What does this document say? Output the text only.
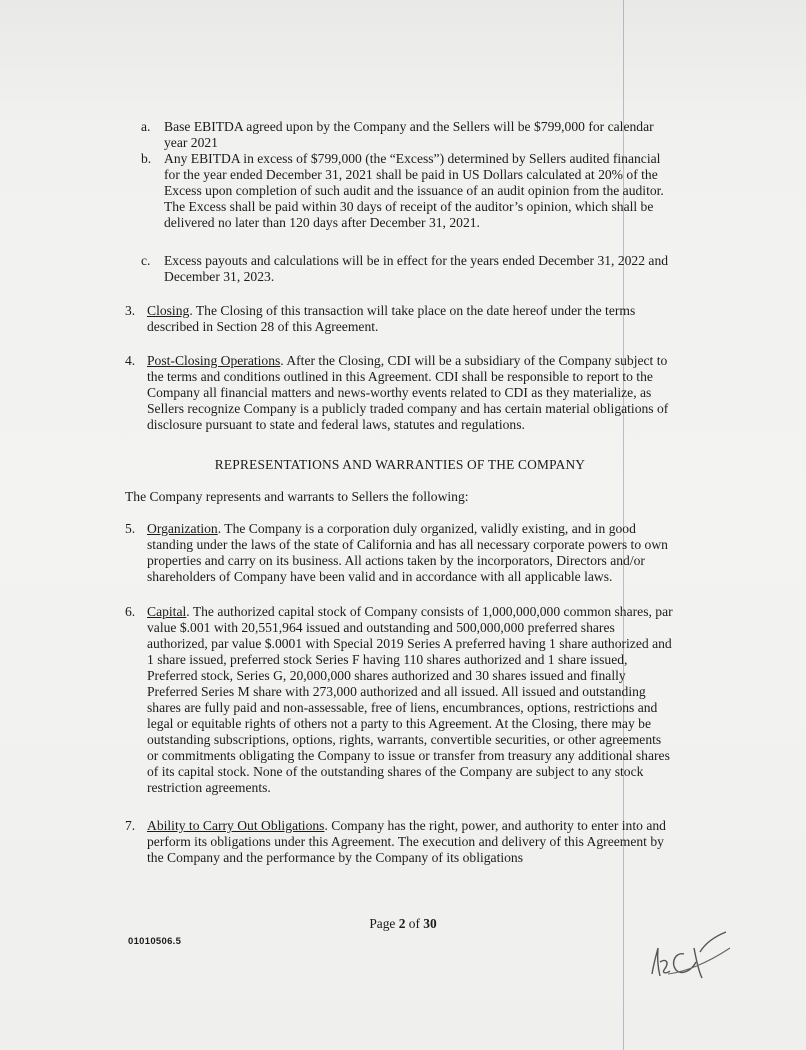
a. Base EBITDA agreed upon by the Company and the Sellers will be $799,000 for calendar year 2021
b. Any EBITDA in excess of $799,000 (the “Excess”) determined by Sellers audited financial for the year ended December 31, 2021 shall be paid in US Dollars calculated at 20% of the Excess upon completion of such audit and the issuance of an audit opinion from the auditor. The Excess shall be paid within 30 days of receipt of the auditor’s opinion, which shall be delivered no later than 120 days after December 31, 2021.
c. Excess payouts and calculations will be in effect for the years ended December 31, 2022 and December 31, 2023.
3. Closing. The Closing of this transaction will take place on the date hereof under the terms described in Section 28 of this Agreement.
4. Post-Closing Operations. After the Closing, CDI will be a subsidiary of the Company subject to the terms and conditions outlined in this Agreement. CDI shall be responsible to report to the Company all financial matters and news-worthy events related to CDI as they materialize, as Sellers recognize Company is a publicly traded company and has certain material obligations of disclosure pursuant to state and federal laws, statutes and regulations.
REPRESENTATIONS AND WARRANTIES OF THE COMPANY
The Company represents and warrants to Sellers the following:
5. Organization. The Company is a corporation duly organized, validly existing, and in good standing under the laws of the state of California and has all necessary corporate powers to own properties and carry on its business. All actions taken by the incorporators, Directors and/or shareholders of Company have been valid and in accordance with all applicable laws.
6. Capital. The authorized capital stock of Company consists of 1,000,000,000 common shares, par value $.001 with 20,551,964 issued and outstanding and 500,000,000 preferred shares authorized, par value $.0001 with Special 2019 Series A preferred having 1 share authorized and 1 share issued, preferred stock Series F having 110 shares authorized and 1 share issued, Preferred stock, Series G, 20,000,000 shares authorized and 30 shares issued and finally Preferred Series M share with 273,000 authorized and all issued. All issued and outstanding shares are fully paid and non-assessable, free of liens, encumbrances, options, restrictions and legal or equitable rights of others not a party to this Agreement. At the Closing, there may be outstanding subscriptions, options, rights, warrants, convertible securities, or other agreements or commitments obligating the Company to issue or transfer from treasury any additional shares of its capital stock. None of the outstanding shares of the Company are subject to any stock restriction agreements.
7. Ability to Carry Out Obligations. Company has the right, power, and authority to enter into and perform its obligations under this Agreement. The execution and delivery of this Agreement by the Company and the performance by the Company of its obligations
Page 2 of 30
01010506.5
